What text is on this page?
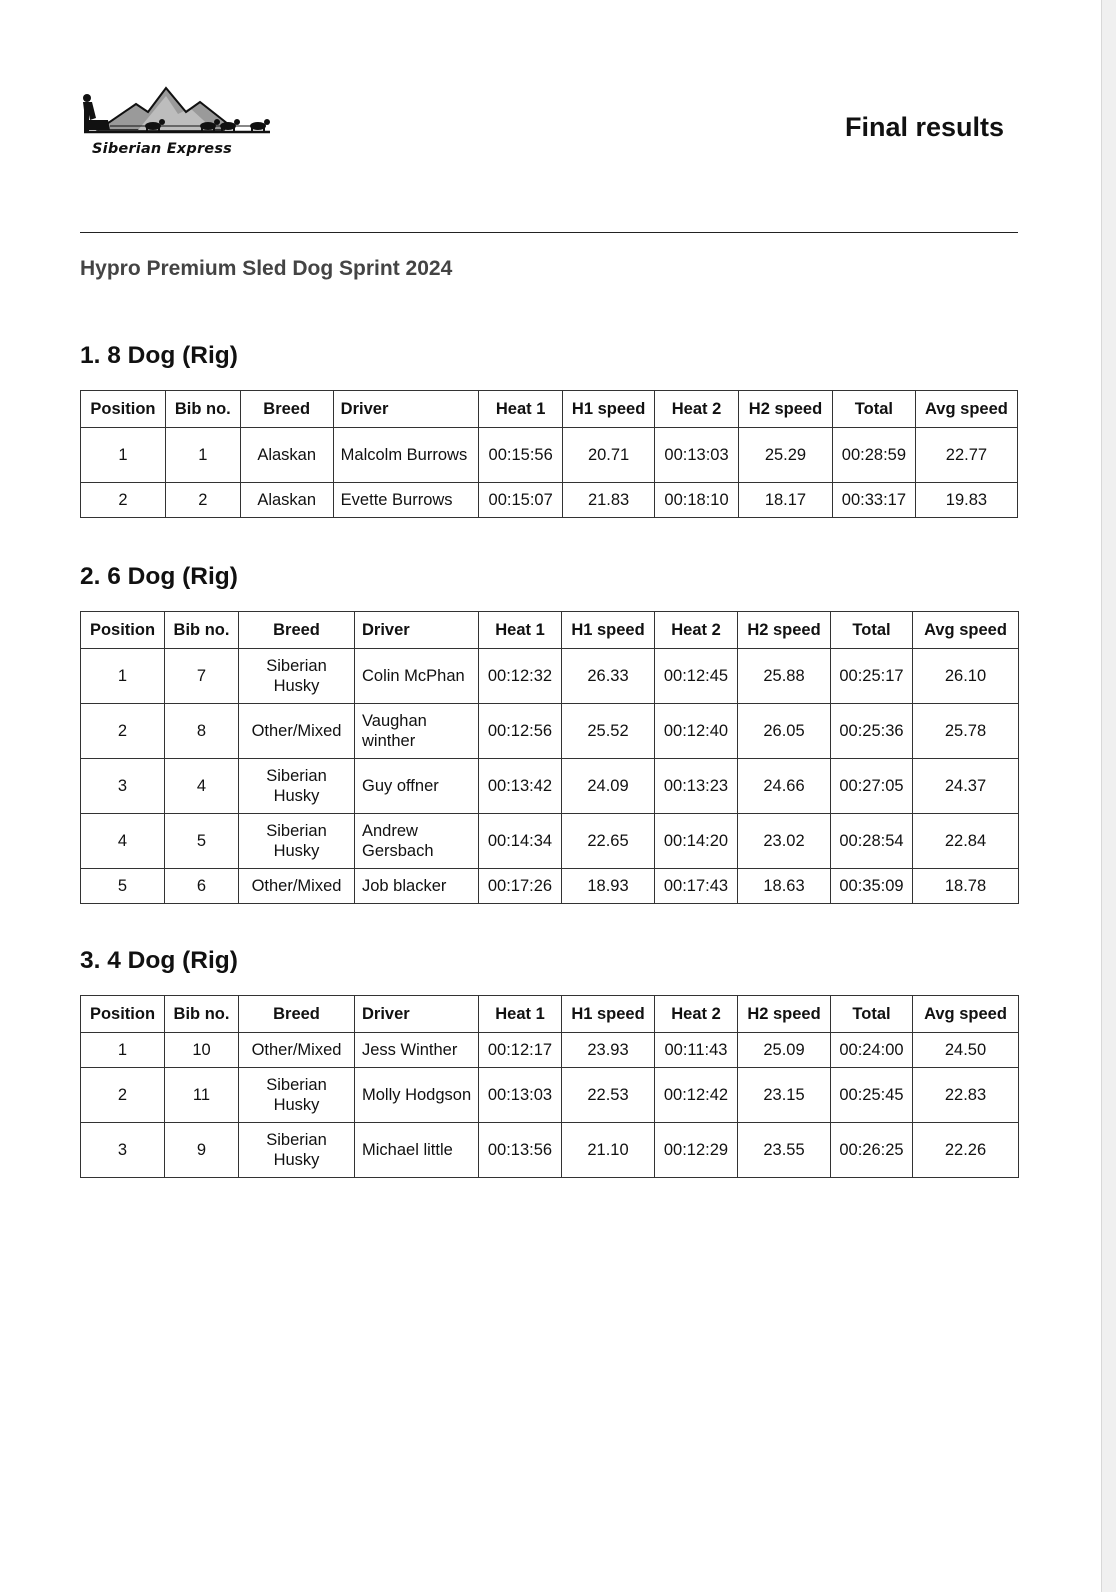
Siberian Express
Final results
Hypro Premium Sled Dog Sprint 2024
1. 8 Dog (Rig)
Position	Bib no.	Breed	Driver	Heat 1	H1 speed	Heat 2	H2 speed	Total	Avg speed
1	1	Alaskan	Malcolm Burrows	00:15:56	20.71	00:13:03	25.29	00:28:59	22.77
2	2	Alaskan	Evette Burrows	00:15:07	21.83	00:18:10	18.17	00:33:17	19.83
2. 6 Dog (Rig)
Position	Bib no.	Breed	Driver	Heat 1	H1 speed	Heat 2	H2 speed	Total	Avg speed
1	7	Siberian Husky	Colin McPhan	00:12:32	26.33	00:12:45	25.88	00:25:17	26.10
2	8	Other/Mixed	Vaughan winther	00:12:56	25.52	00:12:40	26.05	00:25:36	25.78
3	4	Siberian Husky	Guy offner	00:13:42	24.09	00:13:23	24.66	00:27:05	24.37
4	5	Siberian Husky	Andrew Gersbach	00:14:34	22.65	00:14:20	23.02	00:28:54	22.84
5	6	Other/Mixed	Job blacker	00:17:26	18.93	00:17:43	18.63	00:35:09	18.78
3. 4 Dog (Rig)
Position	Bib no.	Breed	Driver	Heat 1	H1 speed	Heat 2	H2 speed	Total	Avg speed
1	10	Other/Mixed	Jess Winther	00:12:17	23.93	00:11:43	25.09	00:24:00	24.50
2	11	Siberian Husky	Molly Hodgson	00:13:03	22.53	00:12:42	23.15	00:25:45	22.83
3	9	Siberian Husky	Michael little	00:13:56	21.10	00:12:29	23.55	00:26:25	22.26
